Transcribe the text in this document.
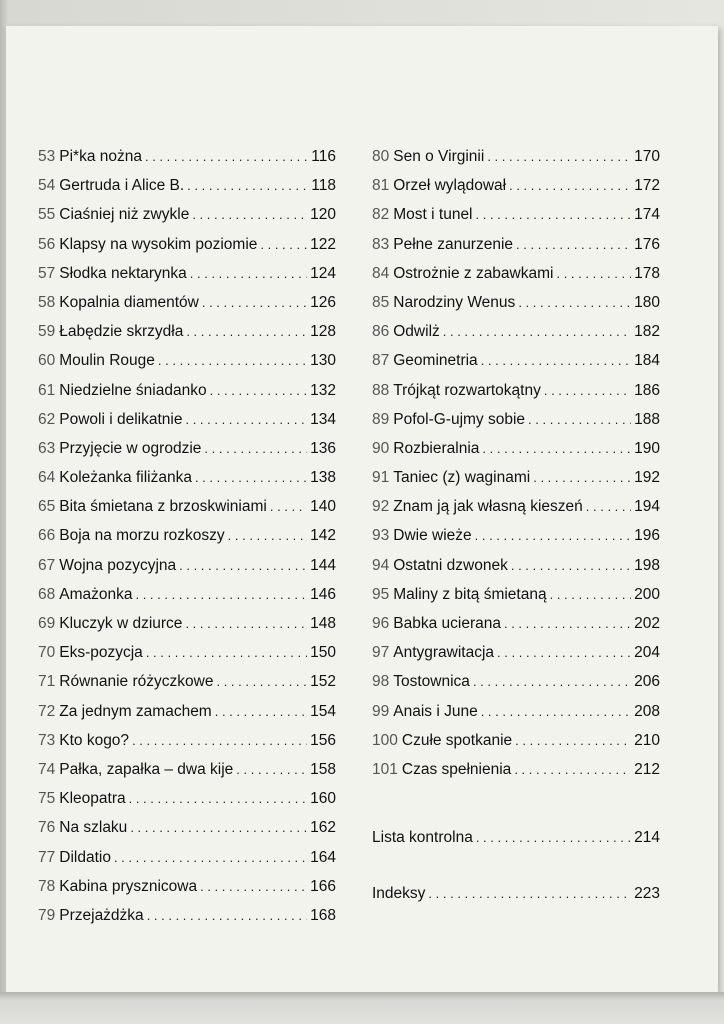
53 Pi*ka nożna . . .	116
54 Gertruda i Alice B. . . .	118
55 Ciaśniej niż zwykle . . .	120
56 Klapsy na wysokim poziomie . . .	122
57 Słodka nektarynka . . .	124
58 Kopalnia diamentów . . .	126
59 Łabędzie skrzydła . . .	128
60 Moulin Rouge . . .	130
61 Niedzielne śniadanko . . .	132
62 Powoli i delikatnie . . .	134
63 Przyjęcie w ogrodzie . . .	136
64 Koleżanka filiżanka . . .	138
65 Bita śmietana z brzoskwiniami . . .	140
66 Boja na morzu rozkoszy . . .	142
67 Wojna pozycyjna . . .	144
68 Amażonka . . .	146
69 Kluczyk w dziurce . . .	148
70 Eks-pozycja . . .	150
71 Równanie różyczkowe . . .	152
72 Za jednym zamachem . . .	154
73 Kto kogo? . . .	156
74 Pałka, zapałka – dwa kije . . .	158
75 Kleopatra . . .	160
76 Na szlaku . . .	162
77 Dildatio . . .	164
78 Kabina prysznicowa . . .	166
79 Przejażdżka . . .	168
80 Sen o Virginii . . .	170
81 Orzeł wylądował . . .	172
82 Most i tunel . . .	174
83 Pełne zanurzenie . . .	176
84 Ostrożnie z zabawkami . . .	178
85 Narodziny Wenus . . .	180
86 Odwilż . . .	182
87 Geominetria . . .	184
88 Trójkąt rozwartokątny . . .	186
89 Pofol-G-ujmy sobie . . .	188
90 Rozbieralnia . . .	190
91 Taniec (z) waginami . . .	192
92 Znam ją jak własną kieszeń . . .	194
93 Dwie wieże . . .	196
94 Ostatni dzwonek . . .	198
95 Maliny z bitą śmietaną . . .	200
96 Babka ucierana . . .	202
97 Antygrawitacja . . .	204
98 Tostownica . . .	206
99 Anais i June . . .	208
100 Czułe spotkanie . . .	210
101 Czas spełnienia . . .	212
Lista kontrolna . . .	214
Indeksy . . .	223
